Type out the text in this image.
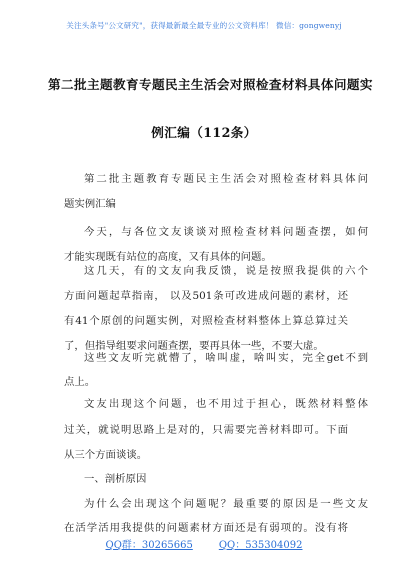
关注头条号"公文研究"，获得最新最全最专业的公文资料库！ 微信：gongwenyj
第二批主题教育专题民主生活会对照检查材料具体问题实
例汇编（112条）
第二批主题教育专题民主生活会对照检查材料具体问
题实例汇编
今天，与各位文友谈谈对照检查材料问题查摆，如何
才能实现既有站位的高度，又有具体的问题。
这几天，有的文友向我反馈，说是按照我提供的六个
方面问题起草指南， 以及501条可改进成问题的素材，还
有41个原创的问题实例，对照检查材料整体上算总算过关
了，但指导组要求问题查摆，要再具体一些，不要大虚。
这些文友听完就懵了，啥叫虚，啥叫实，完全get不到
点上。
文友出现这个问题，也不用过于担心，既然材料整体
过关，就说明思路上是对的，只需要完善材料即可。下面
从三个方面谈谈。
一、剖析原因
为什么会出现这个问题呢？最重要的原因是一些文友
在活学活用我提供的问题素材方面还是有弱项的。没有将
QQ群：30265665	QQ：535304092
